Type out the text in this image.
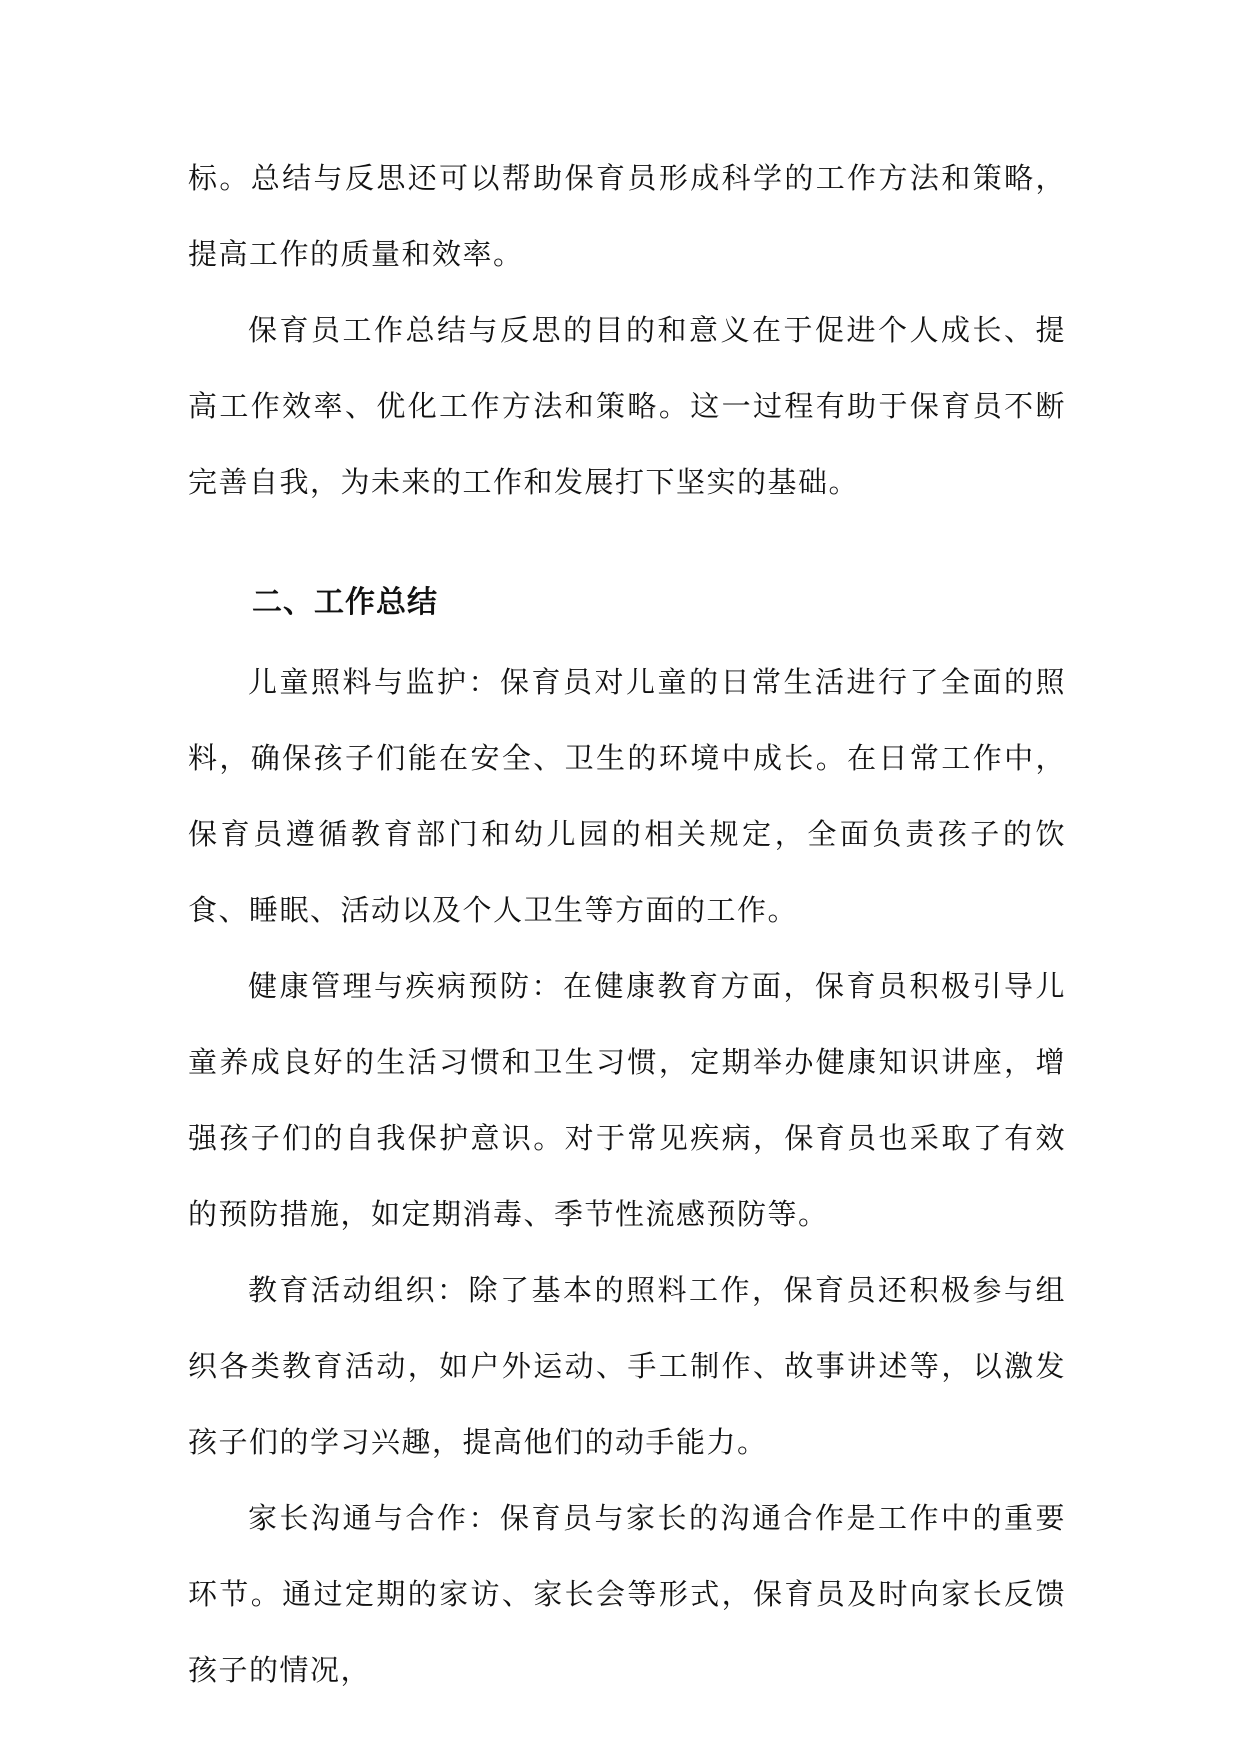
标。总结与反思还可以帮助保育员形成科学的工作方法和策略，提高工作的质量和效率。

保育员工作总结与反思的目的和意义在于促进个人成长、提高工作效率、优化工作方法和策略。这一过程有助于保育员不断完善自我，为未来的工作和发展打下坚实的基础。

二、工作总结

儿童照料与监护：保育员对儿童的日常生活进行了全面的照料，确保孩子们能在安全、卫生的环境中成长。在日常工作中，保育员遵循教育部门和幼儿园的相关规定，全面负责孩子的饮食、睡眠、活动以及个人卫生等方面的工作。

健康管理与疾病预防：在健康教育方面，保育员积极引导儿童养成良好的生活习惯和卫生习惯，定期举办健康知识讲座，增强孩子们的自我保护意识。对于常见疾病，保育员也采取了有效的预防措施，如定期消毒、季节性流感预防等。

教育活动组织：除了基本的照料工作，保育员还积极参与组织各类教育活动，如户外运动、手工制作、故事讲述等，以激发孩子们的学习兴趣，提高他们的动手能力。

家长沟通与合作：保育员与家长的沟通合作是工作中的重要环节。通过定期的家访、家长会等形式，保育员及时向家长反馈孩子的情况，
